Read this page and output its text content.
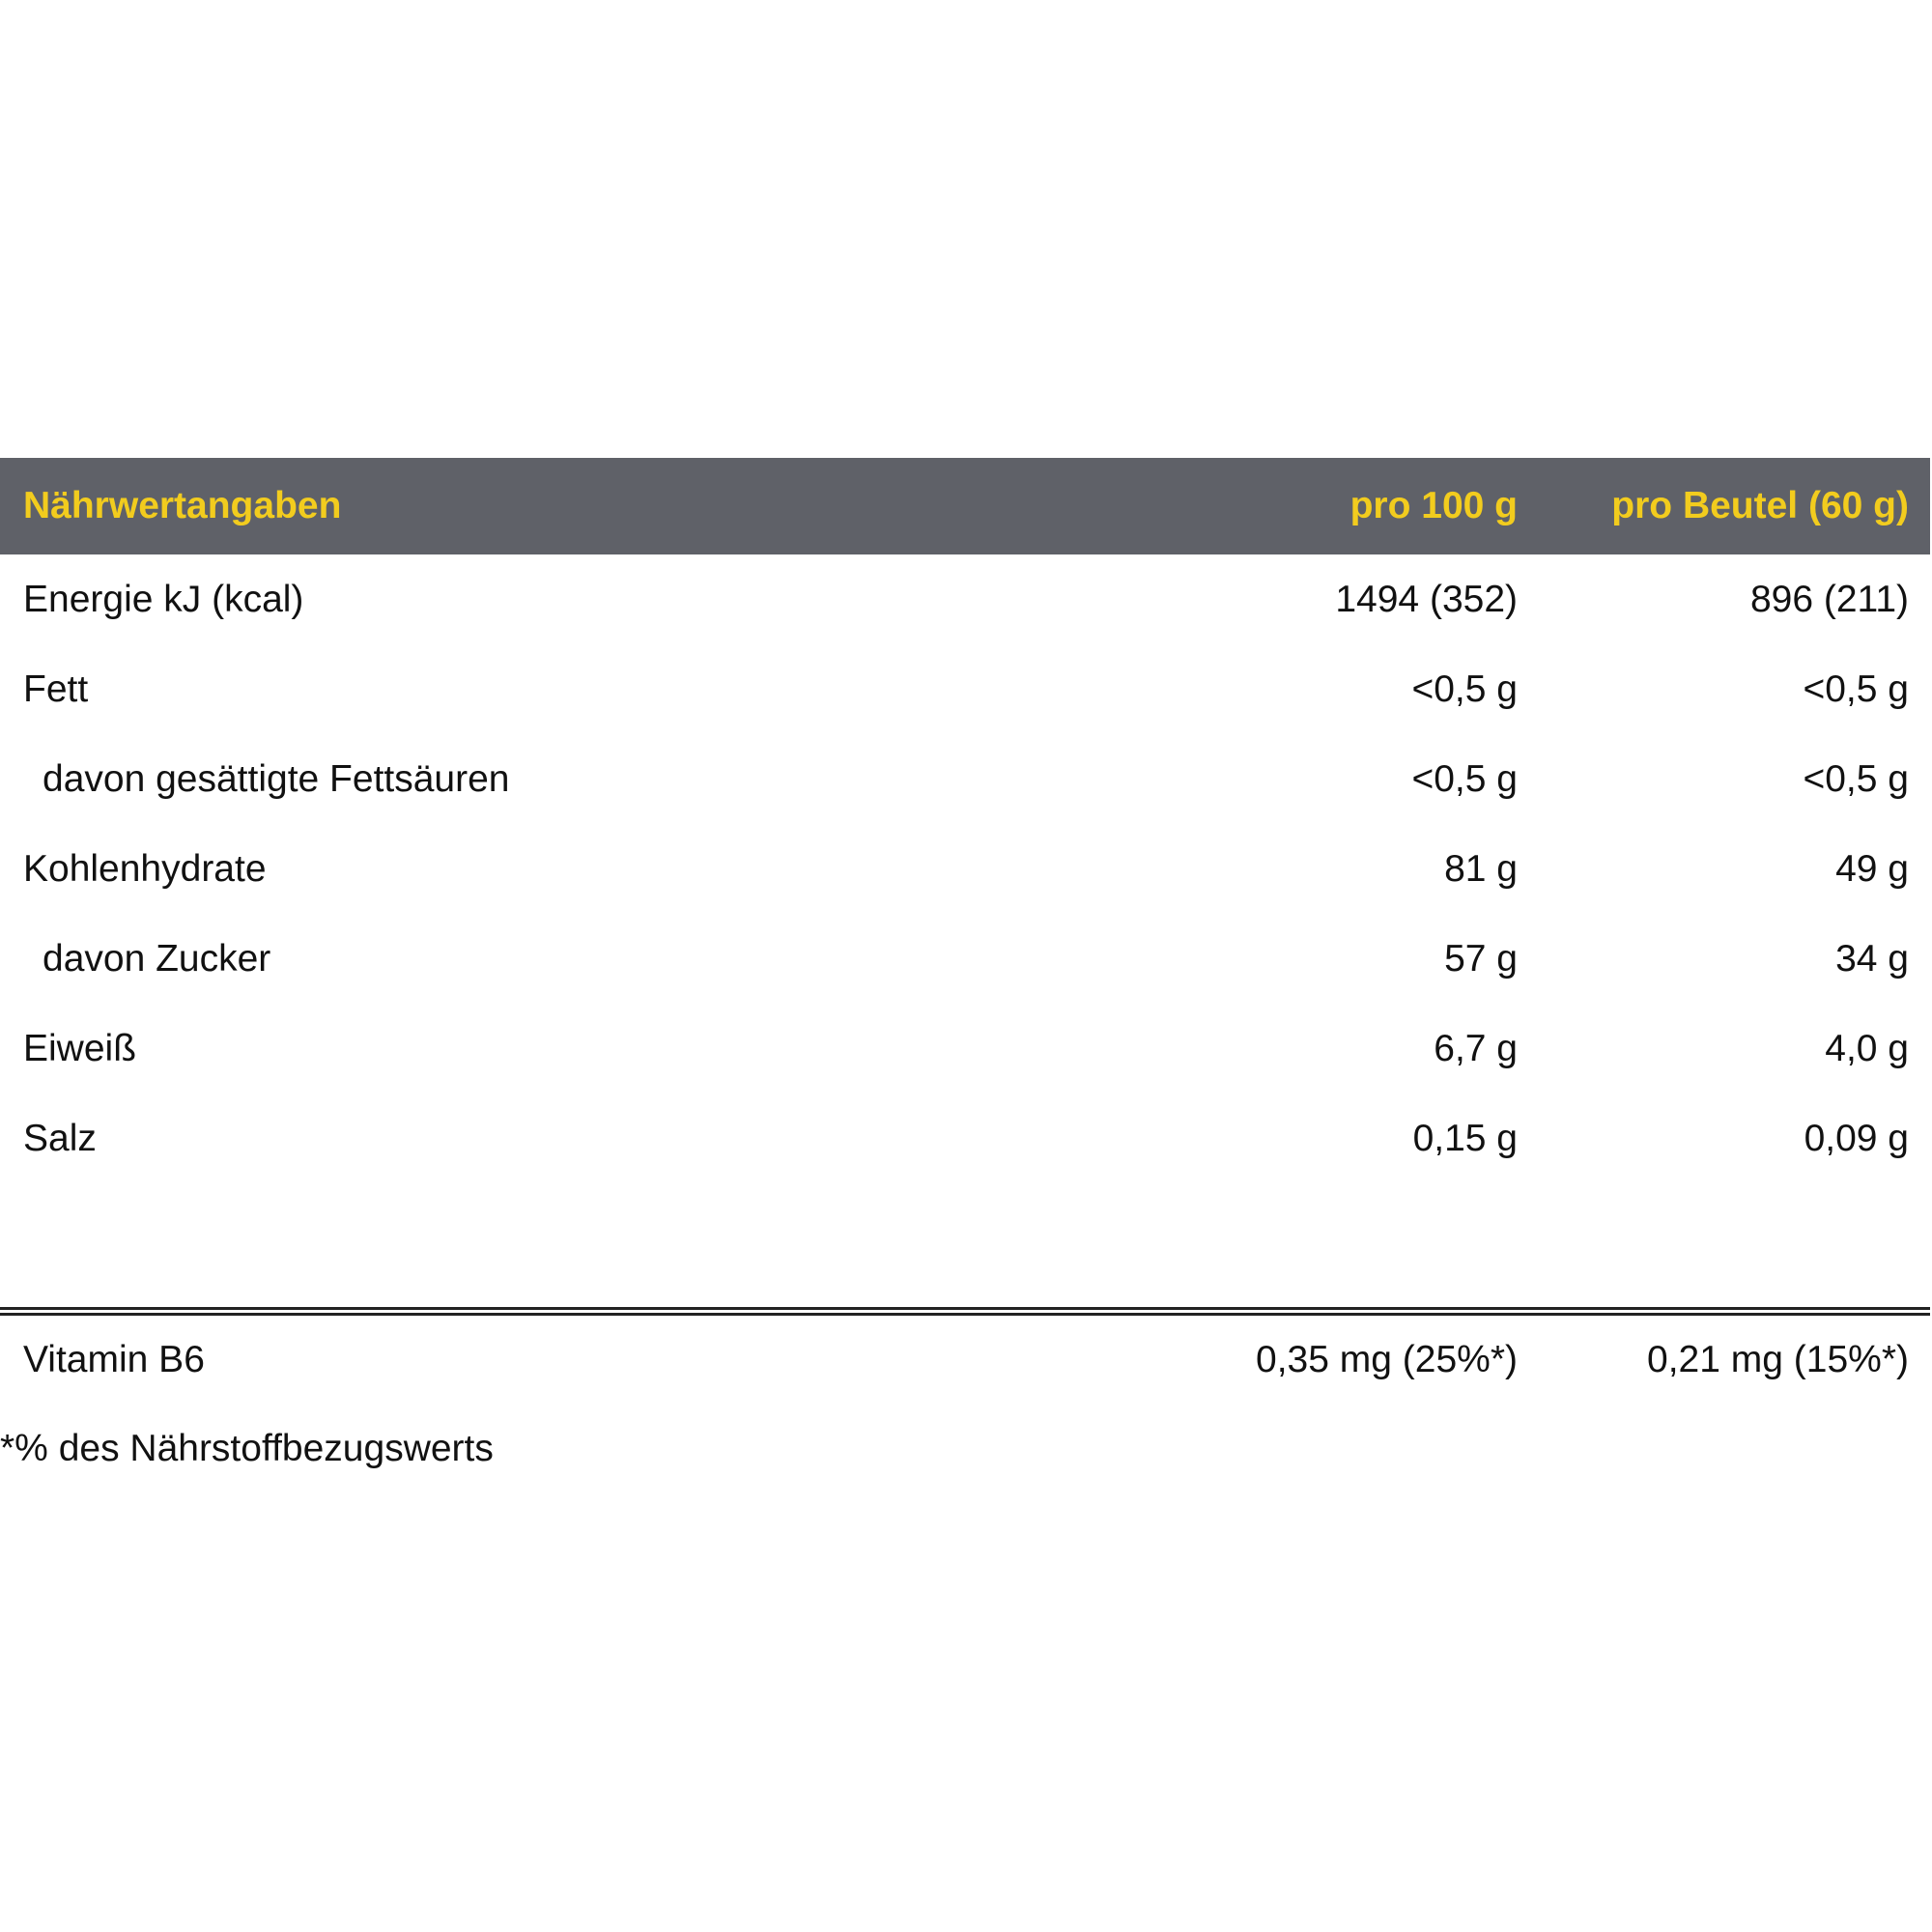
Nährwertangaben	pro 100 g pro Beutel (60 g)
Energie kJ (kcal)	1494 (352)	896 (211)
Fett	<0,5 g	<0,5 g
davon gesättigte Fettsäuren	<0,5 g	<0,5 g
Kohlenhydrate	81 g	49 g
davon Zucker	57 g	34 g
Eiweiß	6,7 g	4,0 g
Salz	0,15 g	0,09 g
Vitamin B6	0,35 mg (25%*)	0,21 mg (15%*)
*% des Nährstoffbezugswerts
